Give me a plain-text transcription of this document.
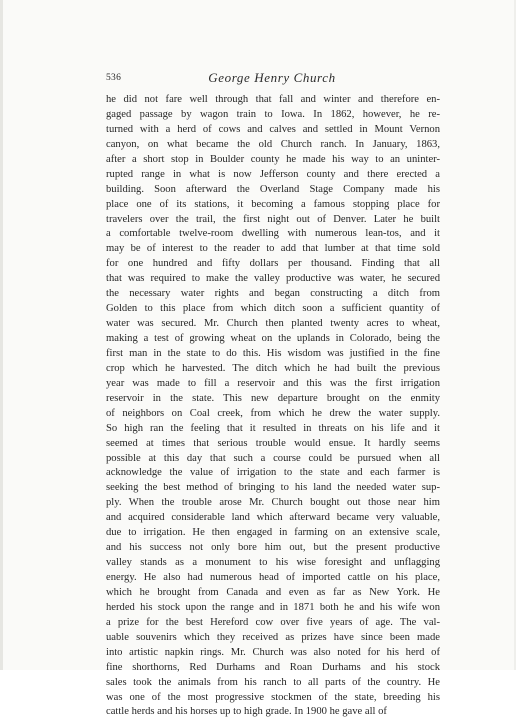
536	George Henry Church
he did not fare well through that fall and winter and therefore en-
gaged passage by wagon train to Iowa. In 1862, however, he re-
turned with a herd of cows and calves and settled in Mount Vernon
canyon, on what became the old Church ranch. In January, 1863,
after a short stop in Boulder county he made his way to an uninter-
rupted range in what is now Jefferson county and there erected a
building. Soon afterward the Overland Stage Company made his
place one of its stations, it becoming a famous stopping place for
travelers over the trail, the first night out of Denver. Later he built
a comfortable twelve-room dwelling with numerous lean-tos, and it
may be of interest to the reader to add that lumber at that time sold
for one hundred and fifty dollars per thousand. Finding that all
that was required to make the valley productive was water, he secured
the necessary water rights and began constructing a ditch from
Golden to this place from which ditch soon a sufficient quantity of
water was secured. Mr. Church then planted twenty acres to wheat,
making a test of growing wheat on the uplands in Colorado, being the
first man in the state to do this. His wisdom was justified in the fine
crop which he harvested. The ditch which he had built the previous
year was made to fill a reservoir and this was the first irrigation
reservoir in the state. This new departure brought on the enmity
of neighbors on Coal creek, from which he drew the water supply.
So high ran the feeling that it resulted in threats on his life and it
seemed at times that serious trouble would ensue. It hardly seems
possible at this day that such a course could be pursued when all
acknowledge the value of irrigation to the state and each farmer is
seeking the best method of bringing to his land the needed water sup-
ply. When the trouble arose Mr. Church bought out those near him
and acquired considerable land which afterward became very valuable,
due to irrigation. He then engaged in farming on an extensive scale,
and his success not only bore him out, but the present productive
valley stands as a monument to his wise foresight and unflagging
energy. He also had numerous head of imported cattle on his place,
which he brought from Canada and even as far as New York. He
herded his stock upon the range and in 1871 both he and his wife won
a prize for the best Hereford cow over five years of age. The val-
uable souvenirs which they received as prizes have since been made
into artistic napkin rings. Mr. Church was also noted for his herd of
fine shorthorns, Red Durhams and Roan Durhams and his stock
sales took the animals from his ranch to all parts of the country. He
was one of the most progressive stockmen of the state, breeding his
cattle herds and his horses up to high grade. In 1900 he gave all of
